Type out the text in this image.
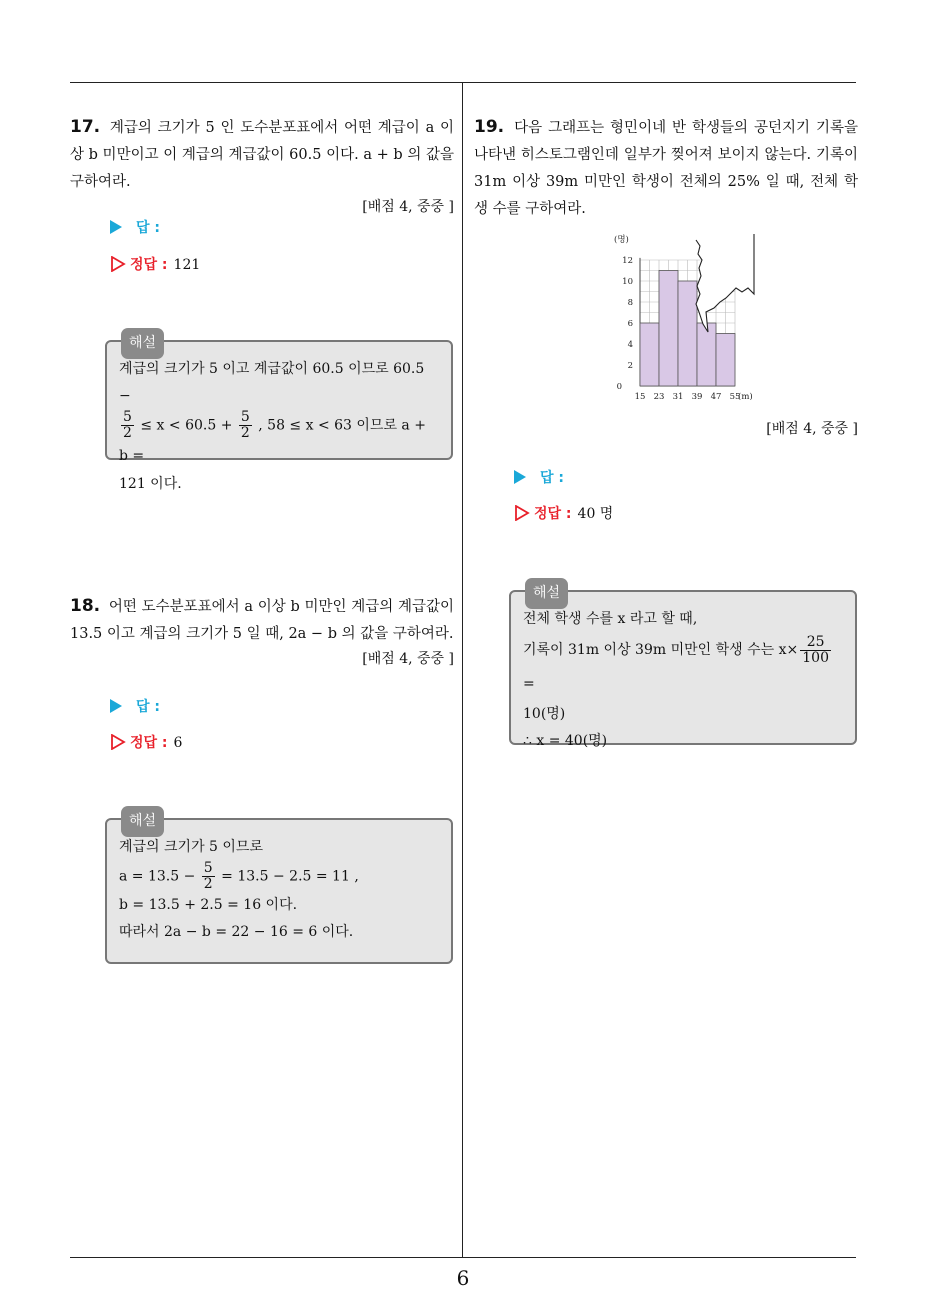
17. 계급의 크기가 5 인 도수분포표에서 어떤 계급이 a 이상 b 미만이고 이 계급의 계급값이 60.5 이다. a + b 의 값을 구하여라.
[배점 4, 중중 ]
답 :
정답 : 121
해설
계급의 크기가 5 이고 계급값이 60.5 이므로 60.5 −
$\frac{5}{2} \le x < 60.5 + \frac{5}{2}$ , 58 ≤ x < 63 이므로 a + b =
121 이다.
18. 어떤 도수분포표에서 a 이상 b 미만인 계급의 계급값이 13.5 이고 계급의 크기가 5 일 때, 2a − b 의 값을 구하여라.
[배점 4, 중중 ]
답 :
정답 : 6
해설
계급의 크기가 5 이므로
$a = 13.5 - \frac{5}{2} = 13.5 - 2.5 = 11$ ,
b = 13.5 + 2.5 = 16 이다.
따라서 2a − b = 22 − 16 = 6 이다.
19. 다음 그래프는 형민이네 반 학생들의 공던지기 기록을 나타낸 히스토그램인데 일부가 찢어져 보이지 않는다. 기록이 31m 이상 39m 미만인 학생이 전체의 25% 일 때, 전체 학생 수를 구하여라.
(명)
12
10
8
6
4
2
0
15 23 31 39 47 55
(m)
[배점 4, 중중 ]
답 :
정답 : 40 명
해설
전체 학생 수를 x 라고 할 때,
기록이 31m 이상 39m 미만인 학생 수는 $x\times \frac{25}{100}$
=
10(명)
∴ x = 40(명)
6
